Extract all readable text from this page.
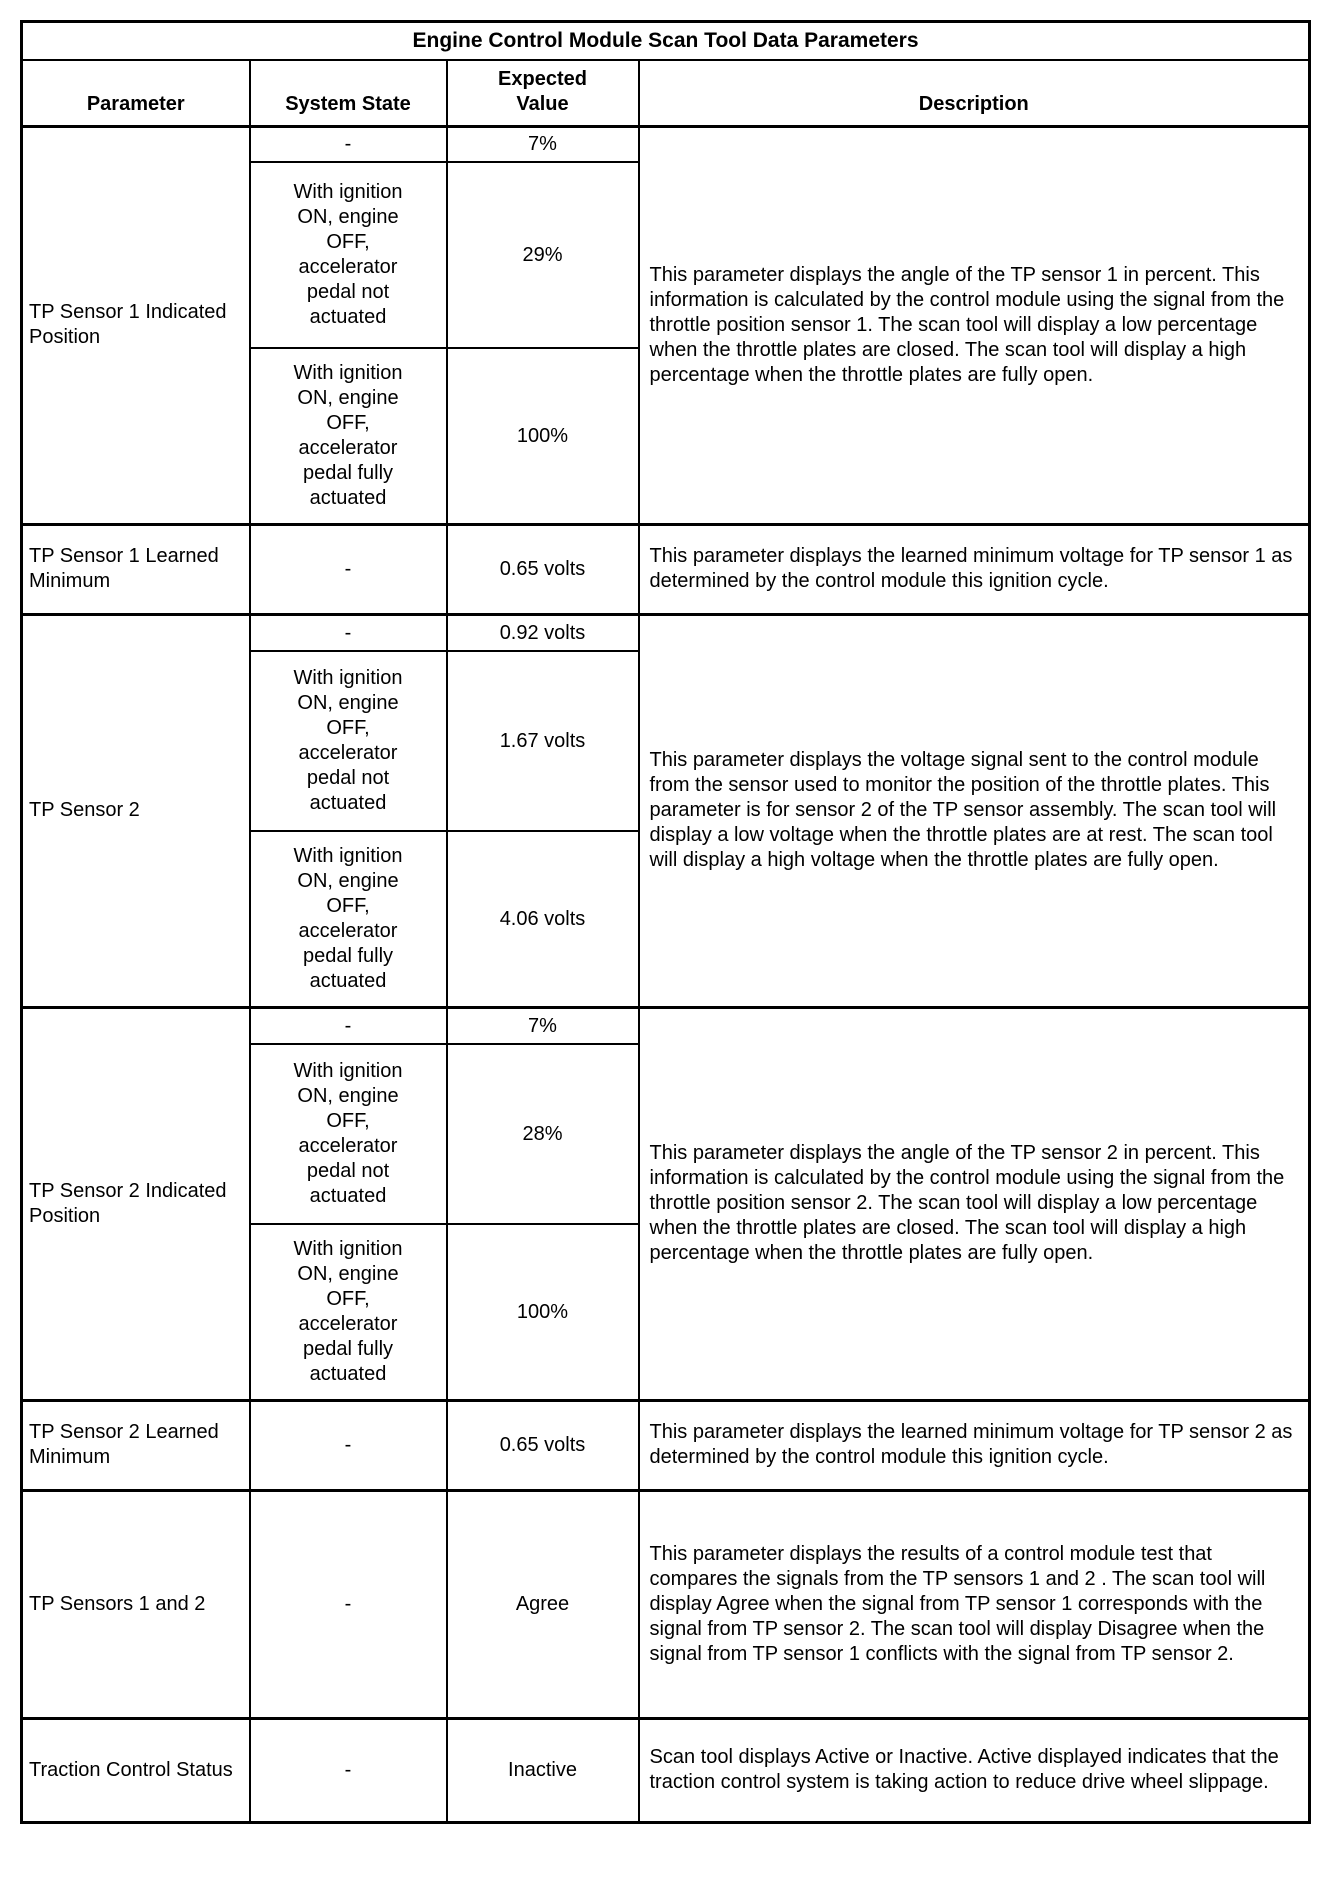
Engine Control Module Scan Tool Data Parameters			
Parameter	System State	Expected Value	Description
TP Sensor 1 Indicated Position	-	7%	This parameter displays the angle of the TP sensor 1 in percent. This information is calculated by the control module using the signal from the throttle position sensor 1. The scan tool will display a low percentage when the throttle plates are closed. The scan tool will display a high percentage when the throttle plates are fully open.
	With ignition ON, engine OFF, accelerator pedal not actuated	29%	
	With ignition ON, engine OFF, accelerator pedal fully actuated	100%	
TP Sensor 1 Learned Minimum	-	0.65 volts	This parameter displays the learned minimum voltage for TP sensor 1 as determined by the control module this ignition cycle.
TP Sensor 2	-	0.92 volts	This parameter displays the voltage signal sent to the control module from the sensor used to monitor the position of the throttle plates. This parameter is for sensor 2 of the TP sensor assembly. The scan tool will display a low voltage when the throttle plates are at rest. The scan tool will display a high voltage when the throttle plates are fully open.
	With ignition ON, engine OFF, accelerator pedal not actuated	1.67 volts	
	With ignition ON, engine OFF, accelerator pedal fully actuated	4.06 volts	
TP Sensor 2 Indicated Position	-	7%	This parameter displays the angle of the TP sensor 2 in percent. This information is calculated by the control module using the signal from the throttle position sensor 2. The scan tool will display a low percentage when the throttle plates are closed. The scan tool will display a high percentage when the throttle plates are fully open.
	With ignition ON, engine OFF, accelerator pedal not actuated	28%	
	With ignition ON, engine OFF, accelerator pedal fully actuated	100%	
TP Sensor 2 Learned Minimum	-	0.65 volts	This parameter displays the learned minimum voltage for TP sensor 2 as determined by the control module this ignition cycle.
TP Sensors 1 and 2	-	Agree	This parameter displays the results of a control module test that compares the signals from the TP sensors 1 and 2 . The scan tool will display Agree when the signal from TP sensor 1 corresponds with the signal from TP sensor 2. The scan tool will display Disagree when the signal from TP sensor 1 conflicts with the signal from TP sensor 2.
Traction Control Status	-	Inactive	Scan tool displays Active or Inactive. Active displayed indicates that the traction control system is taking action to reduce drive wheel slippage.
